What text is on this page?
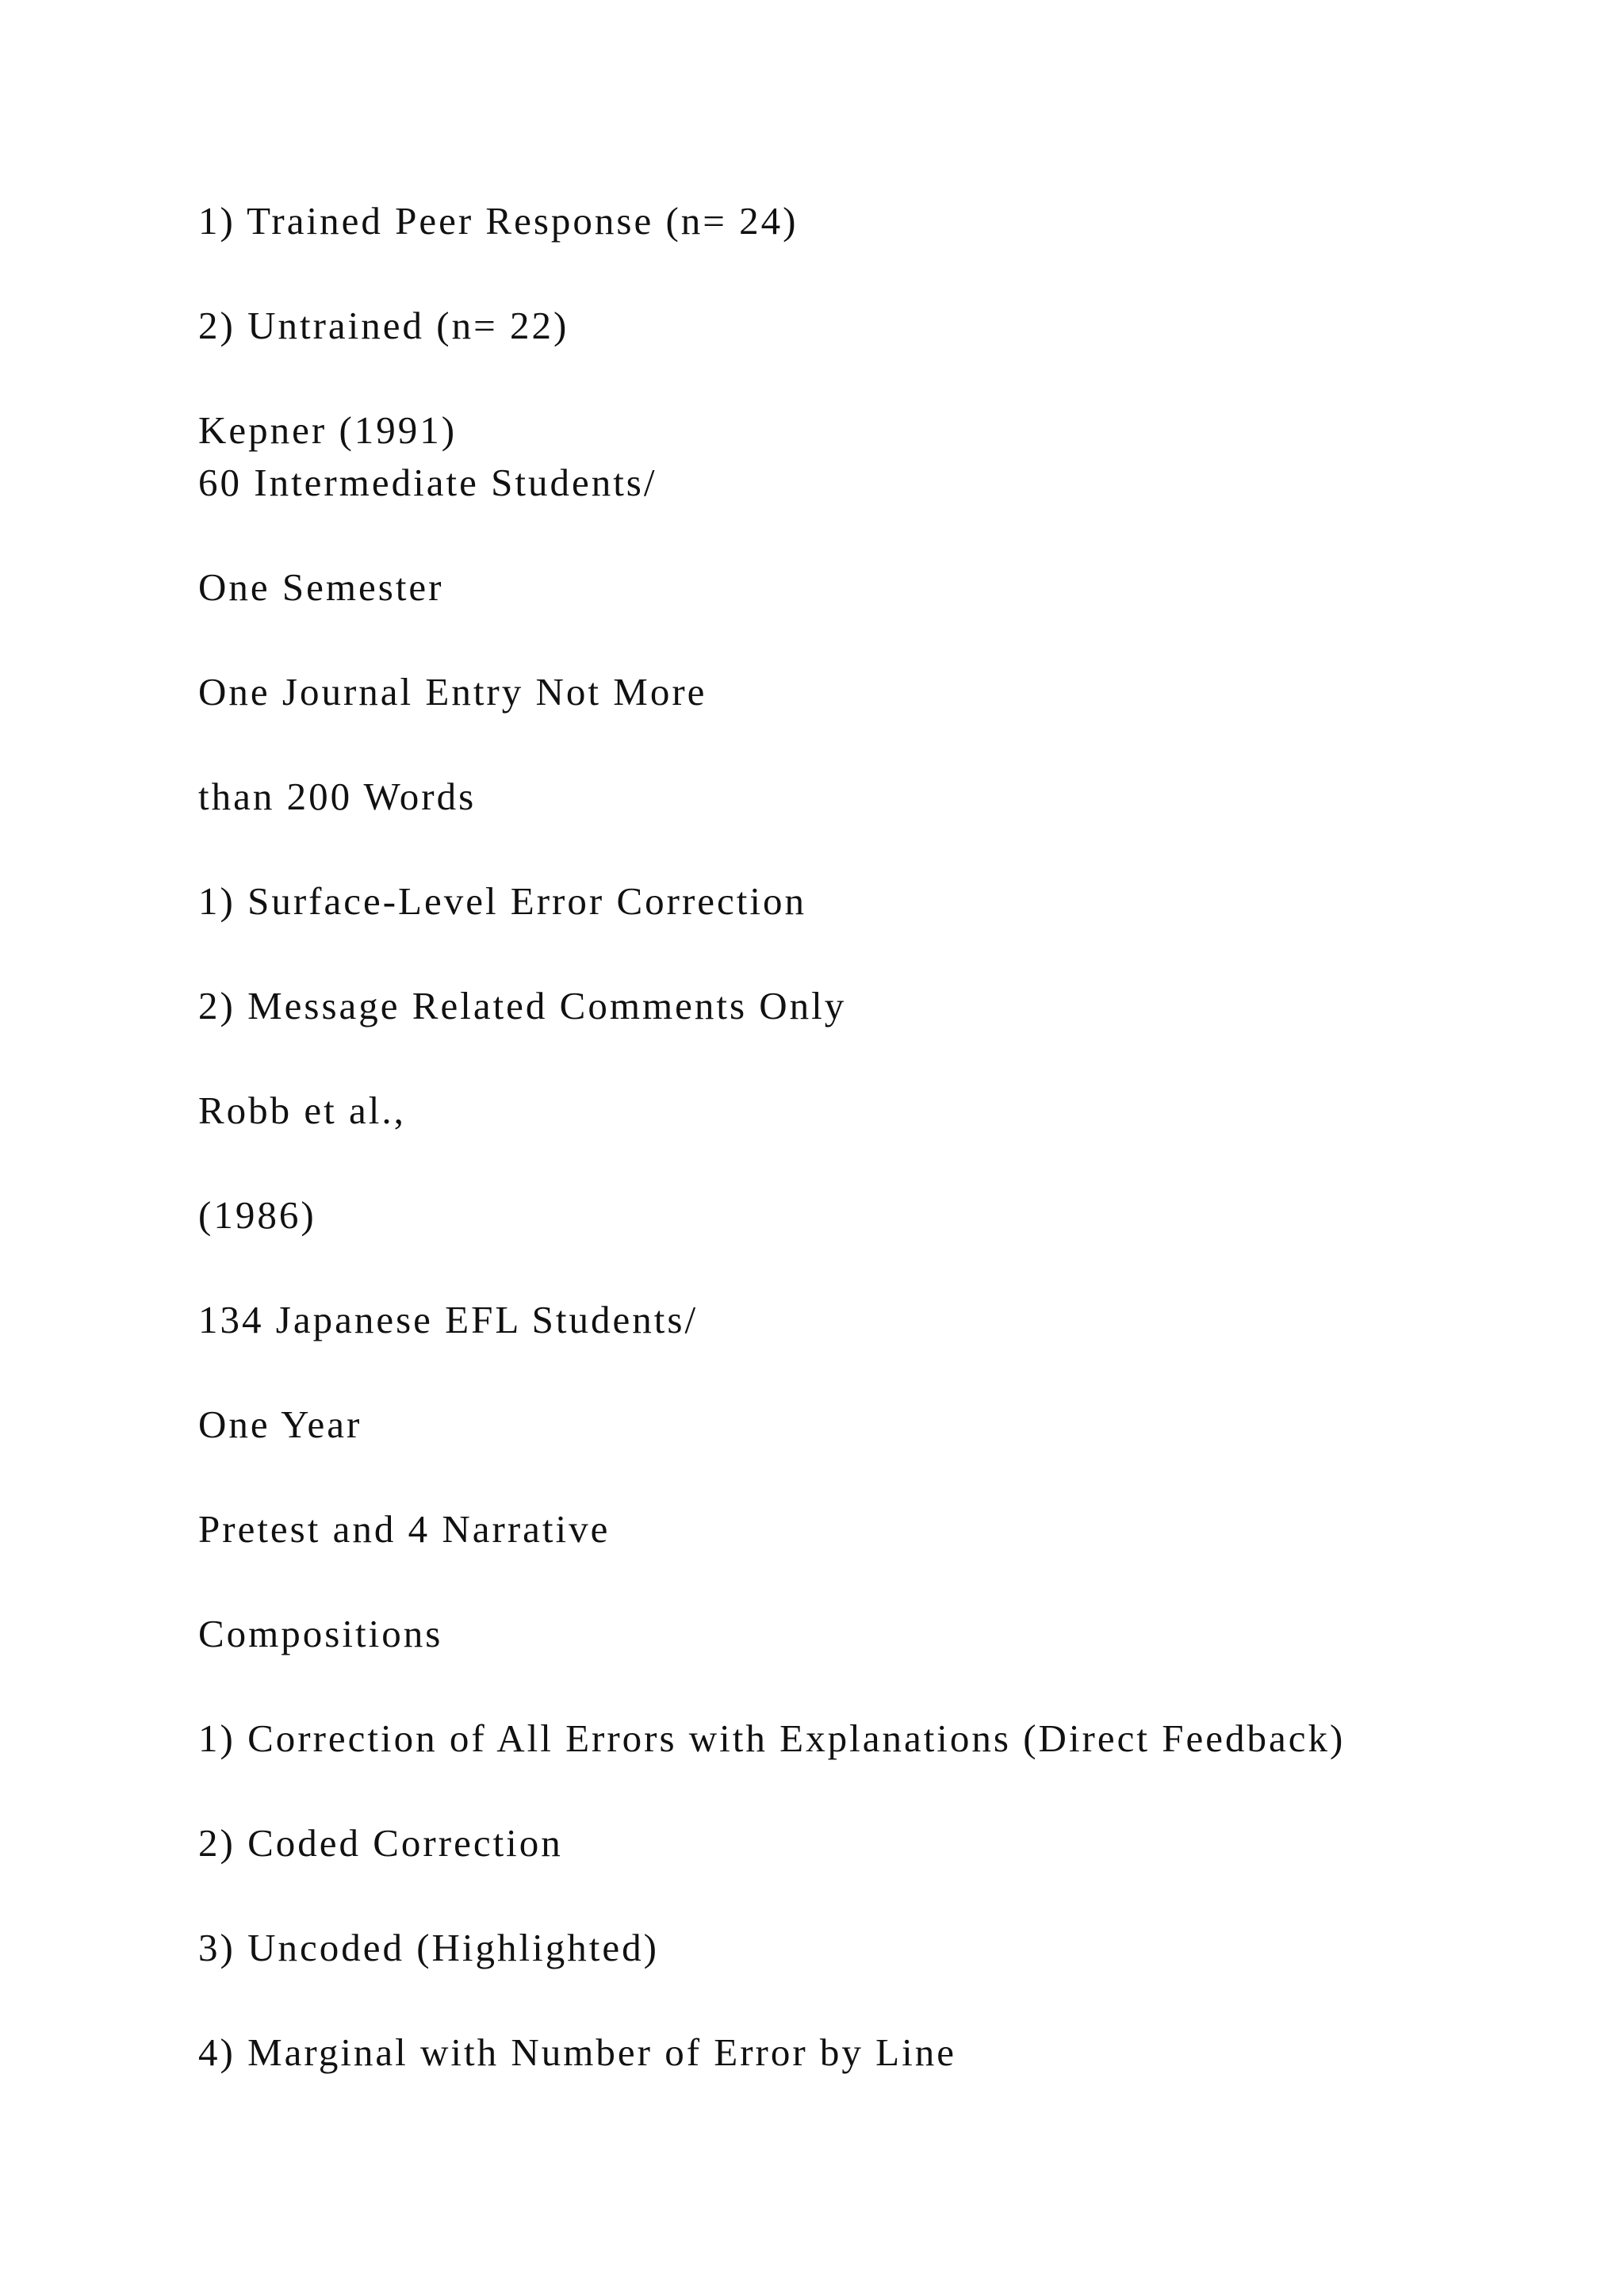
1) Trained Peer Response (n= 24)
2) Untrained (n= 22)
Kepner (1991)
60 Intermediate Students/
One Semester
One Journal Entry Not More
than 200 Words
1) Surface-Level Error Correction
2) Message Related Comments Only
Robb et al.,
(1986)
134 Japanese EFL Students/
One Year
Pretest and 4 Narrative
Compositions
1) Correction of All Errors with Explanations (Direct Feedback)
2) Coded Correction
3) Uncoded (Highlighted)
4) Marginal with Number of Error by Line
